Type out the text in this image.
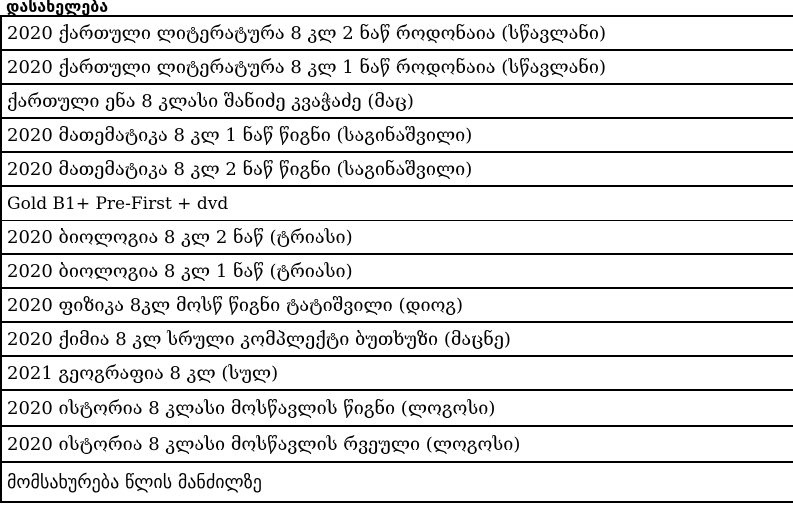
დასახელება
2020 ქართული ლიტერატურა 8 კლ 2 ნაწ როდონაია (სწავლანი)
2020 ქართული ლიტერატურა 8 კლ 1 ნაწ როდონაია (სწავლანი)
ქართული ენა 8 კლასი შანიძე კვაჭაძე (მაც)
2020 მათემატიკა 8 კლ 1 ნაწ წიგნი (საგინაშვილი)
2020 მათემატიკა 8 კლ 2 ნაწ წიგნი (საგინაშვილი)
Gold B1+ Pre-First + dvd
2020 ბიოლოგია 8 კლ 2 ნაწ (ტრიასი)
2020 ბიოლოგია 8 კლ 1 ნაწ (ტრიასი)
2020 ფიზიკა 8კლ მოსწ წიგნი ტატიშვილი (დიოგ)
2020 ქიმია 8 კლ სრული კომპლექტი ბუთხუზი (მაცნე)
2021 გეოგრაფია 8 კლ (სულ)
2020 ისტორია 8 კლასი მოსწავლის წიგნი (ლოგოსი)
2020 ისტორია 8 კლასი მოსწავლის რვეული (ლოგოსი)
მომსახურება წლის მანძილზე
